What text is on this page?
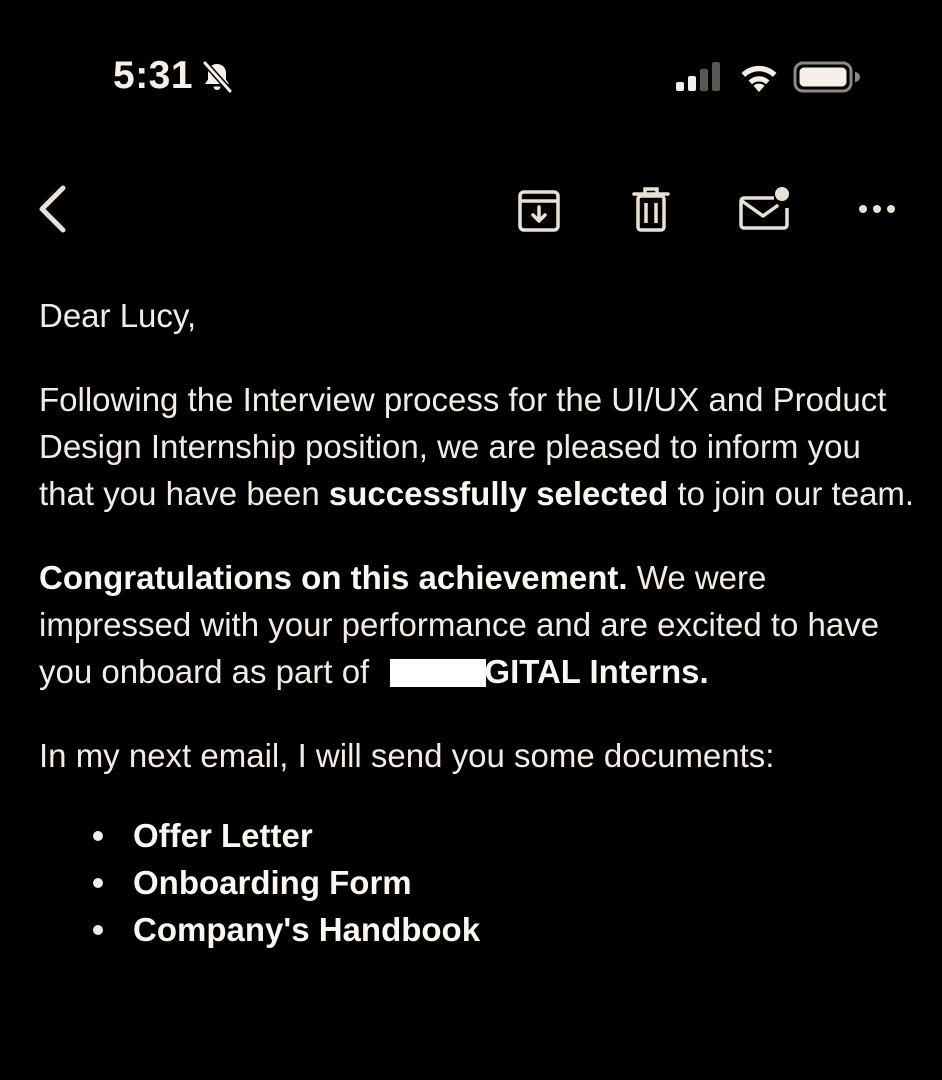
5:31

Dear Lucy,

Following the Interview process for the UI/UX and Product Design Internship position, we are pleased to inform you that you have been successfully selected to join our team.

Congratulations on this achievement. We were impressed with your performance and are excited to have you onboard as part of	GITAL Interns.

In my next email, I will send you some documents:

Offer Letter
Onboarding Form
Company's Handbook
